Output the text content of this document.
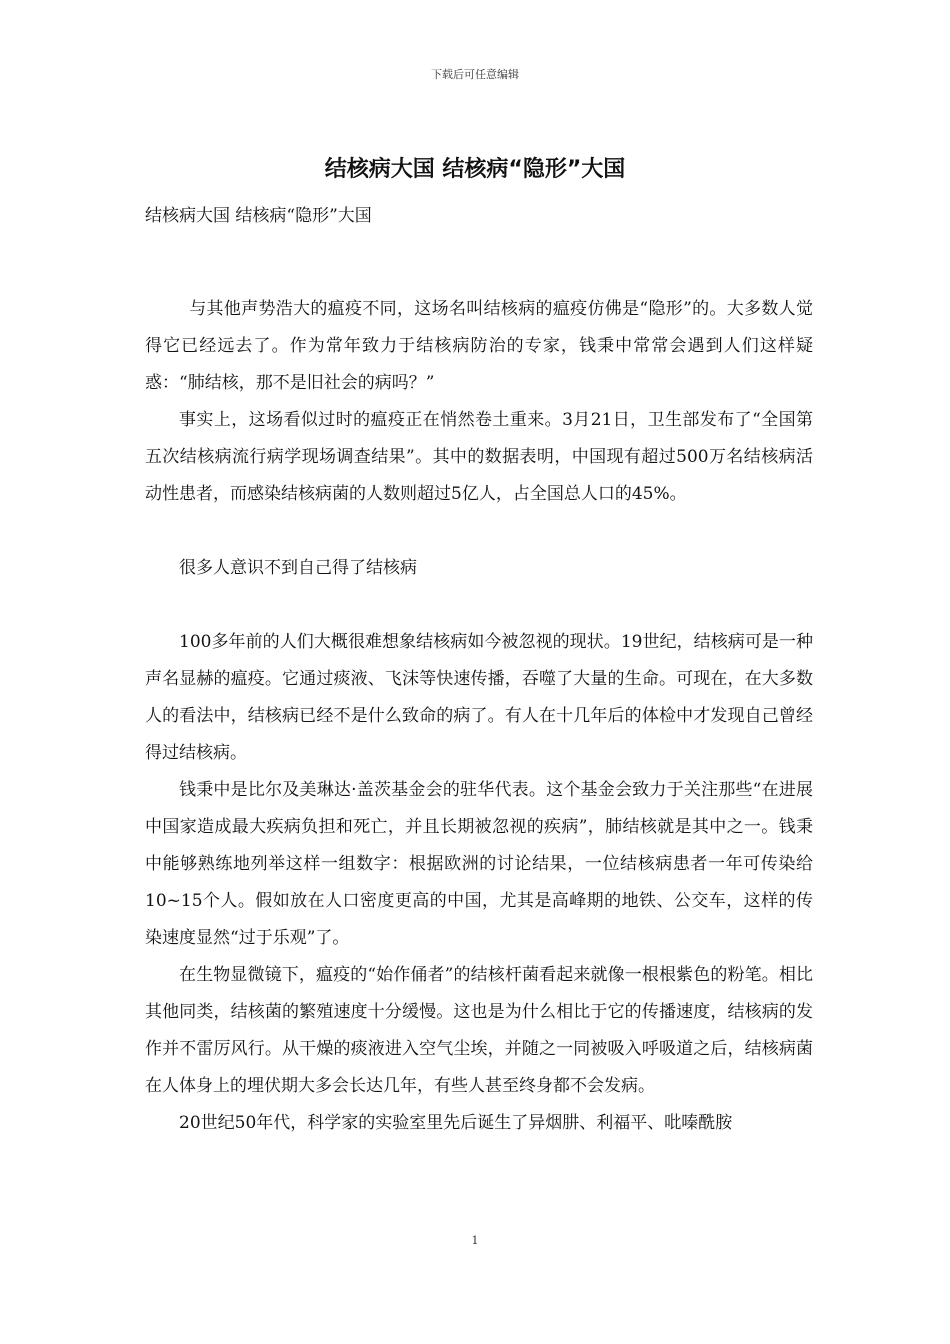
下载后可任意编辑
结核病大国 结核病“隐形”大国

结核病大国 结核病“隐形”大国

与其他声势浩大的瘟疫不同，这场名叫结核病的瘟疫仿佛是“隐形”的。大多数人觉得它已经远去了。作为常年致力于结核病防治的专家，钱秉中常常会遇到人们这样疑惑：“肺结核，那不是旧社会的病吗？”

事实上，这场看似过时的瘟疫正在悄然卷土重来。3月21日，卫生部发布了“全国第五次结核病流行病学现场调查结果”。其中的数据表明，中国现有超过500万名结核病活动性患者，而感染结核病菌的人数则超过5亿人，占全国总人口的45%。

很多人意识不到自己得了结核病

100多年前的人们大概很难想象结核病如今被忽视的现状。19世纪，结核病可是一种声名显赫的瘟疫。它通过痰液、飞沫等快速传播，吞噬了大量的生命。可现在，在大多数人的看法中，结核病已经不是什么致命的病了。有人在十几年后的体检中才发现自己曾经得过结核病。

钱秉中是比尔及美琳达·盖茨基金会的驻华代表。这个基金会致力于关注那些“在进展中国家造成最大疾病负担和死亡，并且长期被忽视的疾病”，肺结核就是其中之一。钱秉中能够熟练地列举这样一组数字：根据欧洲的讨论结果，一位结核病患者一年可传染给10~15个人。假如放在人口密度更高的中国，尤其是高峰期的地铁、公交车，这样的传染速度显然“过于乐观”了。

在生物显微镜下，瘟疫的“始作俑者”的结核杆菌看起来就像一根根紫色的粉笔。相比其他同类，结核菌的繁殖速度十分缓慢。这也是为什么相比于它的传播速度，结核病的发作并不雷厉风行。从干燥的痰液进入空气尘埃，并随之一同被吸入呼吸道之后，结核病菌在人体身上的埋伏期大多会长达几年，有些人甚至终身都不会发病。

20世纪50年代，科学家的实验室里先后诞生了异烟肼、利福平、吡嗪酰胺

1
